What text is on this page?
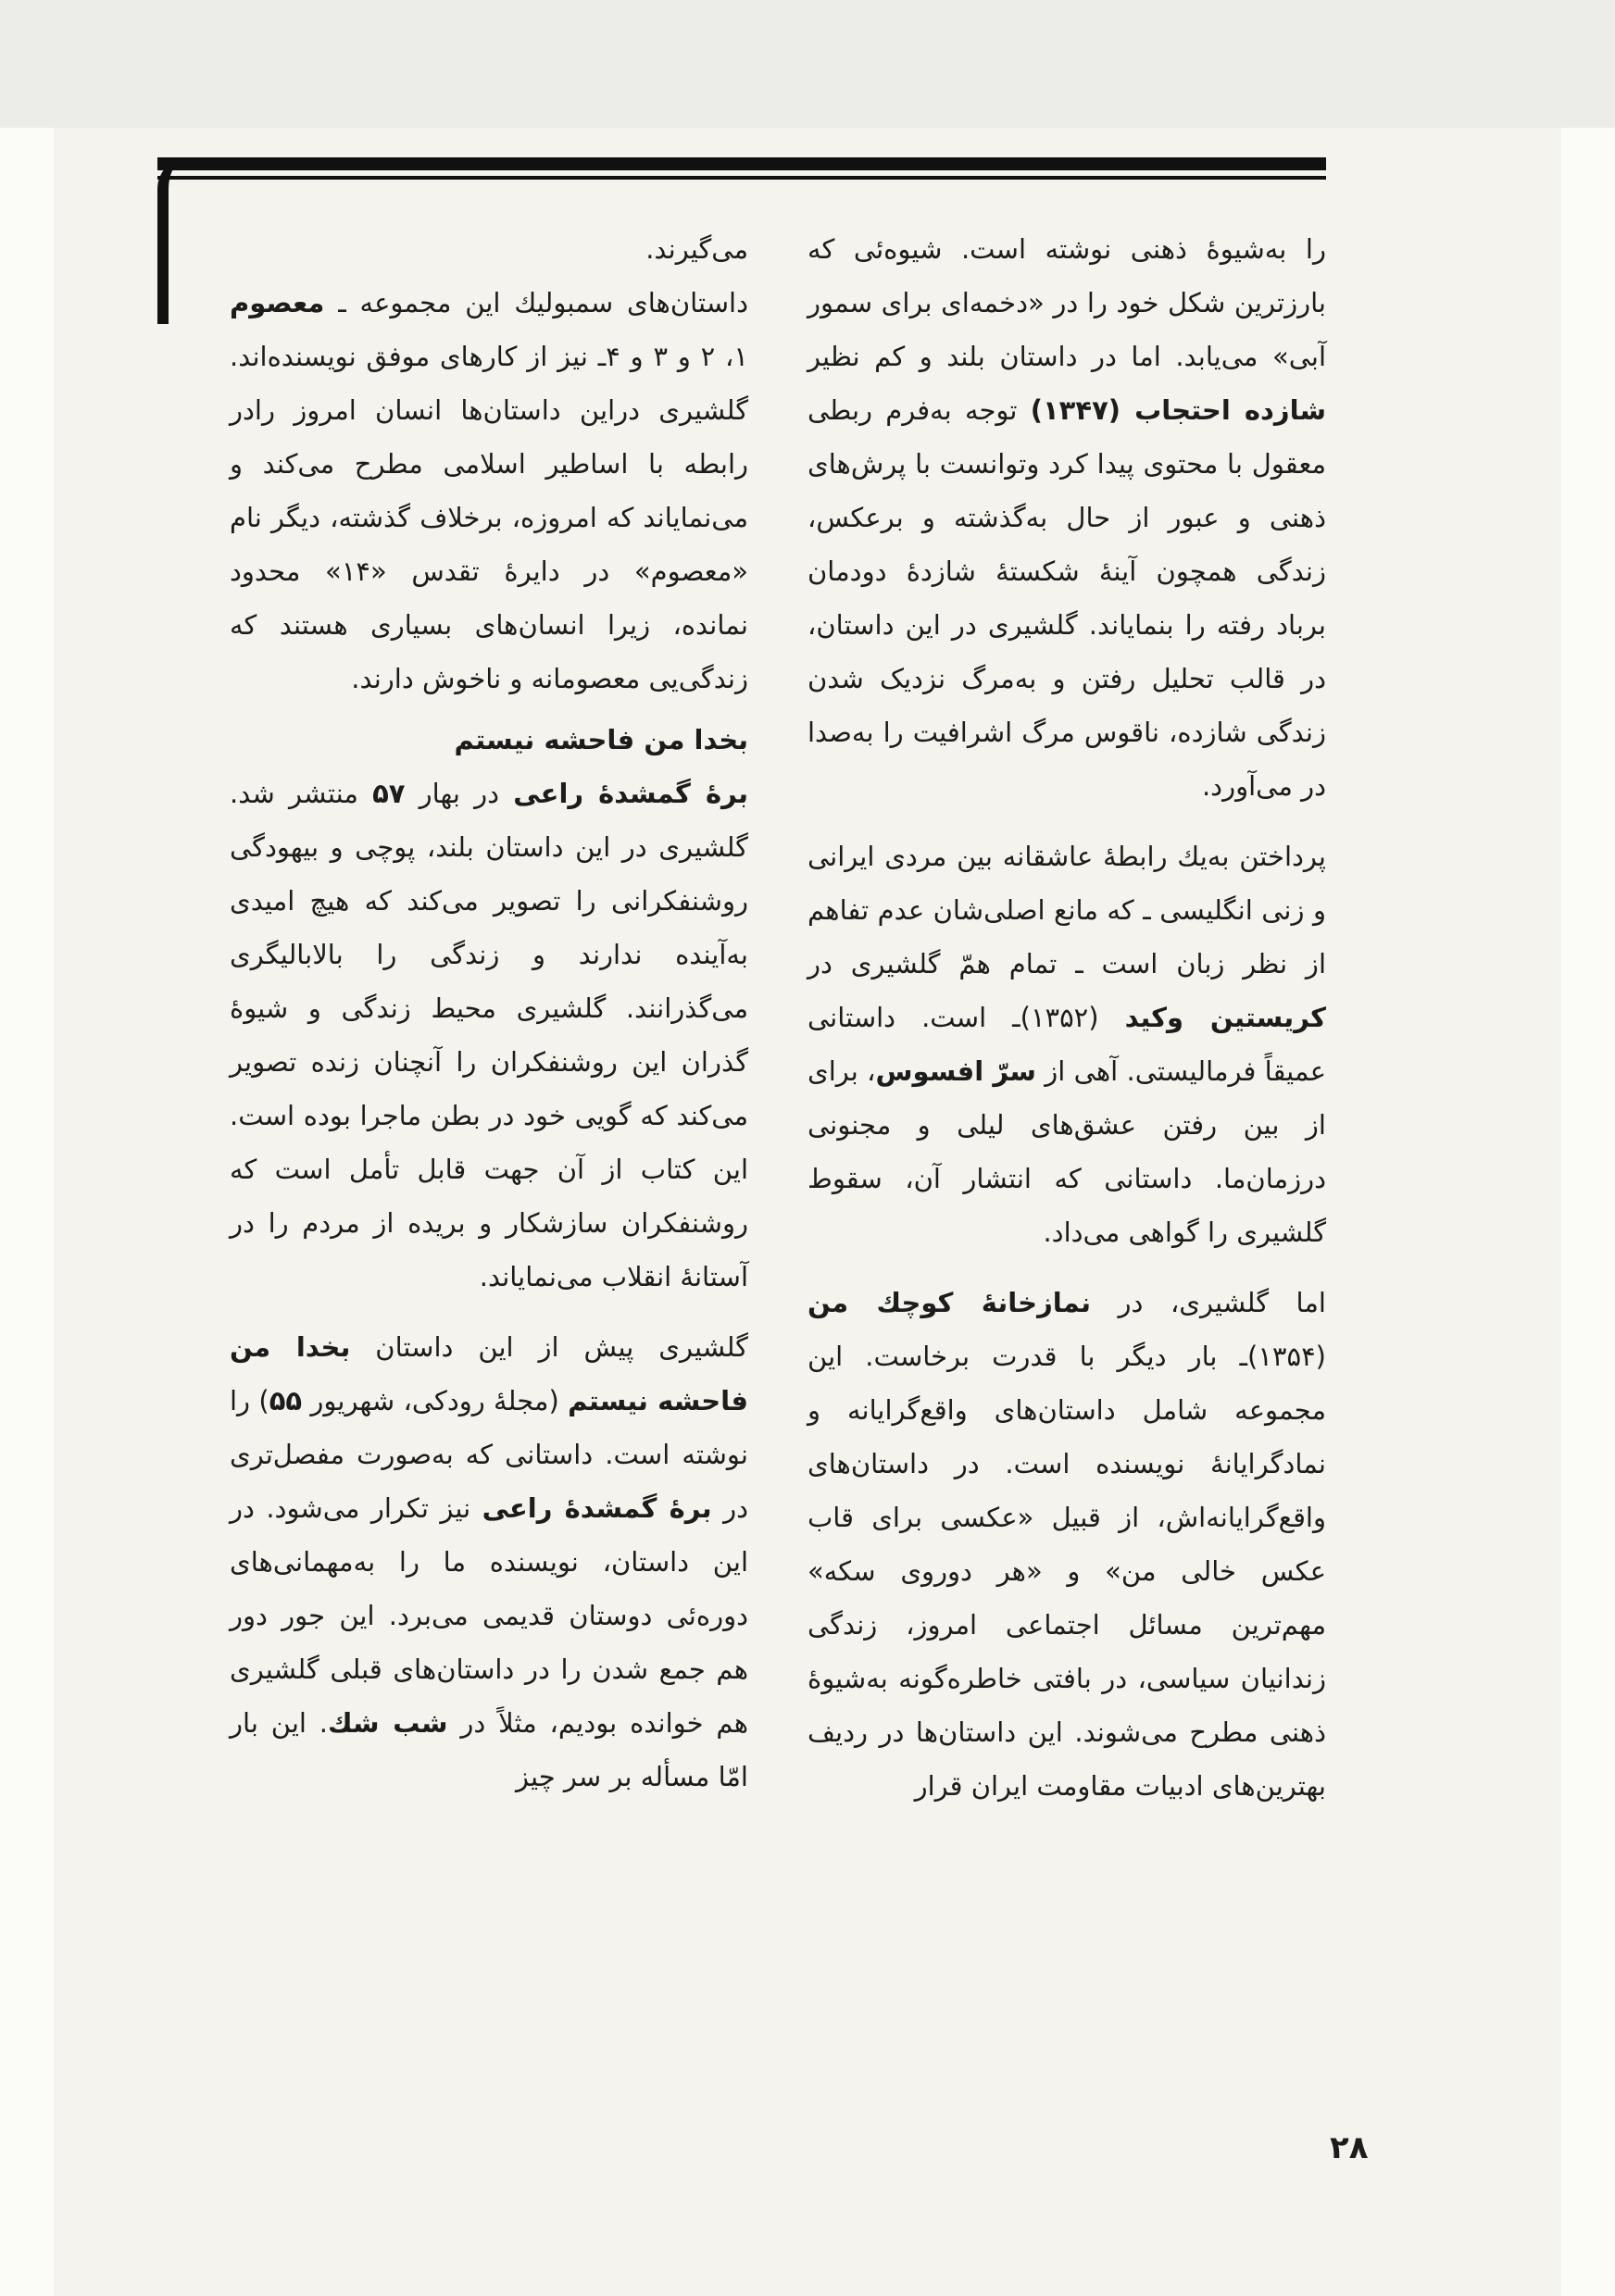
را به‌شیوهٔ ذهنی نوشته است. شیوه‌ئی که بارزترین شکل خود را در «دخمه‌ای برای سمور آبی» می‌یابد. اما در داستان بلند و کم نظیر شازده احتجاب (۱۳۴۷) توجه به‌فرم ربطی معقول با محتوی پیدا کرد وتوانست با پرش‌های ذهنی و عبور از حال به‌گذشته و برعکس، زندگی همچون آینهٔ شکستهٔ شازدهٔ دودمان برباد رفته را بنمایاند. گلشیری در این داستان، در قالب تحلیل رفتن و به‌مرگ نزدیک شدن زندگی شازده، ناقوس مرگ اشرافیت را به‌صدا در می‌آورد.

پرداختن به‌یك رابطهٔ عاشقانه بین مردی ایرانی و زنی انگلیسی ـ که مانع اصلی‌شان عدم تفاهم از نظر زبان است ـ تمام همّ گلشیری در کریستین وکید (۱۳۵۲)ـ است. داستانی عمیقاً فرمالیستی. آهی از سرّ افسوس، برای از بین رفتن عشق‌های لیلی و مجنونی درزمان‌ما. داستانی که انتشار آن، سقوط گلشیری را گواهی می‌داد.

اما گلشیری، در نمازخانهٔ کوچك من (۱۳۵۴)ـ بار دیگر با قدرت برخاست. این مجموعه شامل داستان‌های واقع‌گرایانه و نمادگرایانهٔ نویسنده است. در داستان‌های واقع‌گرایانه‌اش، از قبیل «عکسی برای قاب عکس خالی من» و «هر دوروی سکه» مهم‌ترین مسائل اجتماعی امروز، زندگی زندانیان سیاسی، در بافتی خاطره‌گونه به‌شیوهٔ ذهنی مطرح می‌شوند. این داستان‌ها در ردیف بهترین‌های ادبیات مقاومت ایران قرار

می‌گیرند.

داستان‌های سمبولیك این مجموعه ـ معصوم ۱، ۲ و ۳ و ۴ـ نیز از کارهای موفق نویسنده‌اند. گلشیری دراین داستان‌ها انسان امروز رادر رابطه با اساطیر اسلامی مطرح می‌کند و می‌نمایاند که امروزه، برخلاف گذشته، دیگر نام «معصوم» در دایرهٔ تقدس «۱۴» محدود نمانده، زیرا انسان‌های بسیاری هستند که زندگی‌یی معصومانه و ناخوش دارند.

بخدا من فاحشه نیستم

برهٔ گمشدهٔ راعی در بهار ۵۷ منتشر شد. گلشیری در این داستان بلند، پوچی و بیهودگی روشنفکرانی را تصویر می‌کند که هیچ امیدی به‌آینده ندارند و زندگی را بالابالیگری می‌گذرانند. گلشیری محیط زندگی و شیوهٔ گذران این روشنفکران را آنچنان زنده تصویر می‌کند که گویی خود در بطن ماجرا بوده است. این کتاب از آن جهت قابل تأمل است که روشنفکران سازشکار و بریده از مردم را در آستانهٔ انقلاب می‌نمایاند.

گلشیری پیش از این داستان بخدا من فاحشه نیستم (مجلهٔ رودکی، شهریور ۵۵) را نوشته است. داستانی که به‌صورت مفصل‌تری در برهٔ گمشدهٔ راعی نیز تکرار می‌شود. در این داستان، نویسنده ما را به‌مهمانی‌های دوره‌ئی دوستان قدیمی می‌برد. این جور دور هم جمع شدن را در داستان‌های قبلی گلشیری هم خوانده بودیم، مثلاً در شب شك. این بار امّا مسأله بر سر چیز

۲۸
